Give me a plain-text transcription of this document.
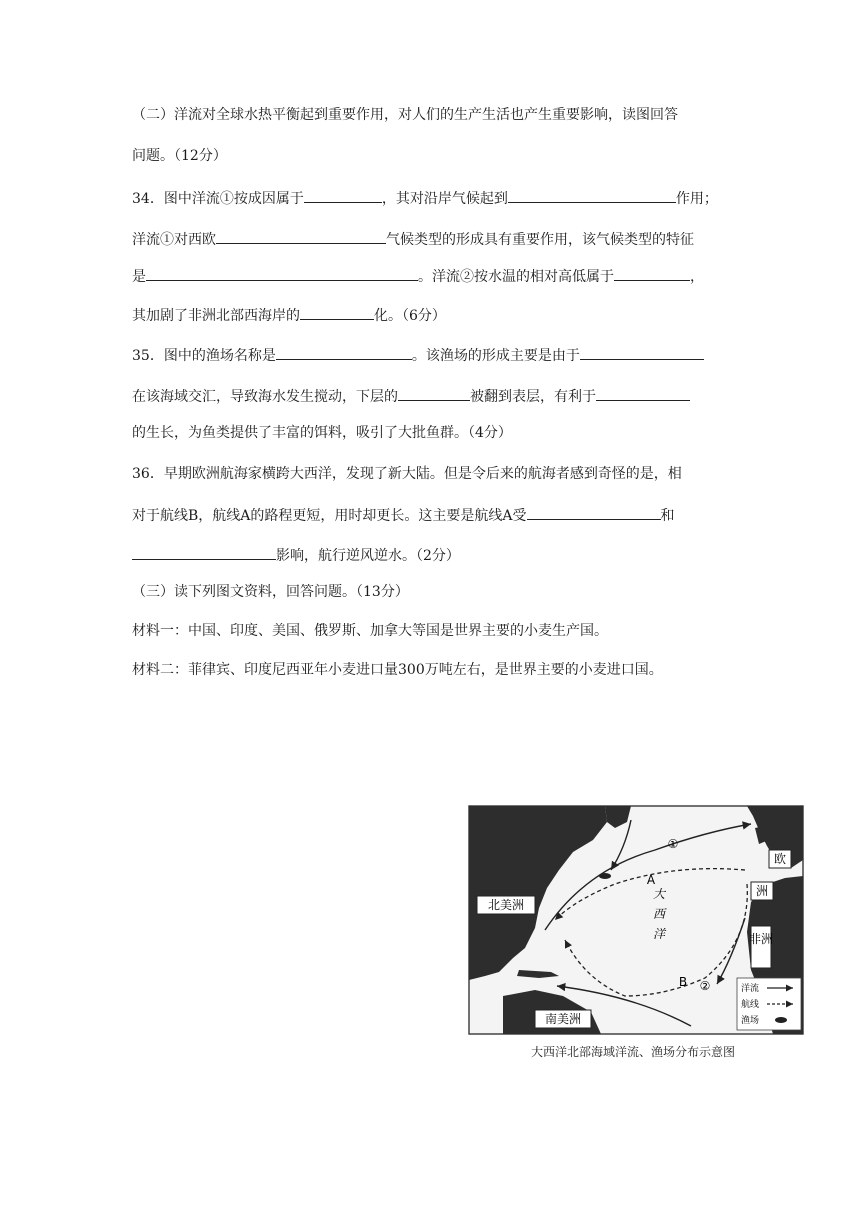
（二）洋流对全球水热平衡起到重要作用，对人们的生产生活也产生重要影响，读图回答
问题。（12分）
34．图中洋流①按成因属于	，其对沿岸气候起到	作用；
洋流①对西欧	气候类型的形成具有重要作用，该气候类型的特征
是	。洋流②按水温的相对高低属于	，
其加剧了非洲北部西海岸的	化。（6分）
35．图中的渔场名称是	。该渔场的形成主要是由于
在该海域交汇，导致海水发生搅动，下层的	被翻到表层，有利于
的生长，为鱼类提供了丰富的饵料，吸引了大批鱼群。（4分）
36．早期欧洲航海家横跨大西洋，发现了新大陆。但是令后来的航海者感到奇怪的是，相
对于航线B，航线A的路程更短，用时却更长。这主要是航线A受	和
影响，航行逆风逆水。（2分）
（三）读下列图文资料，回答问题。（13分）
材料一：中国、印度、美国、俄罗斯、加拿大等国是世界主要的小麦生产国。
材料二：菲律宾、印度尼西亚年小麦进口量300万吨左右，是世界主要的小麦进口国。
北美洲
南美洲
欧
洲
非洲
大
西
洋
①
②
A
B	洋流
航线
渔场
大西洋北部海域洋流、渔场分布示意图
